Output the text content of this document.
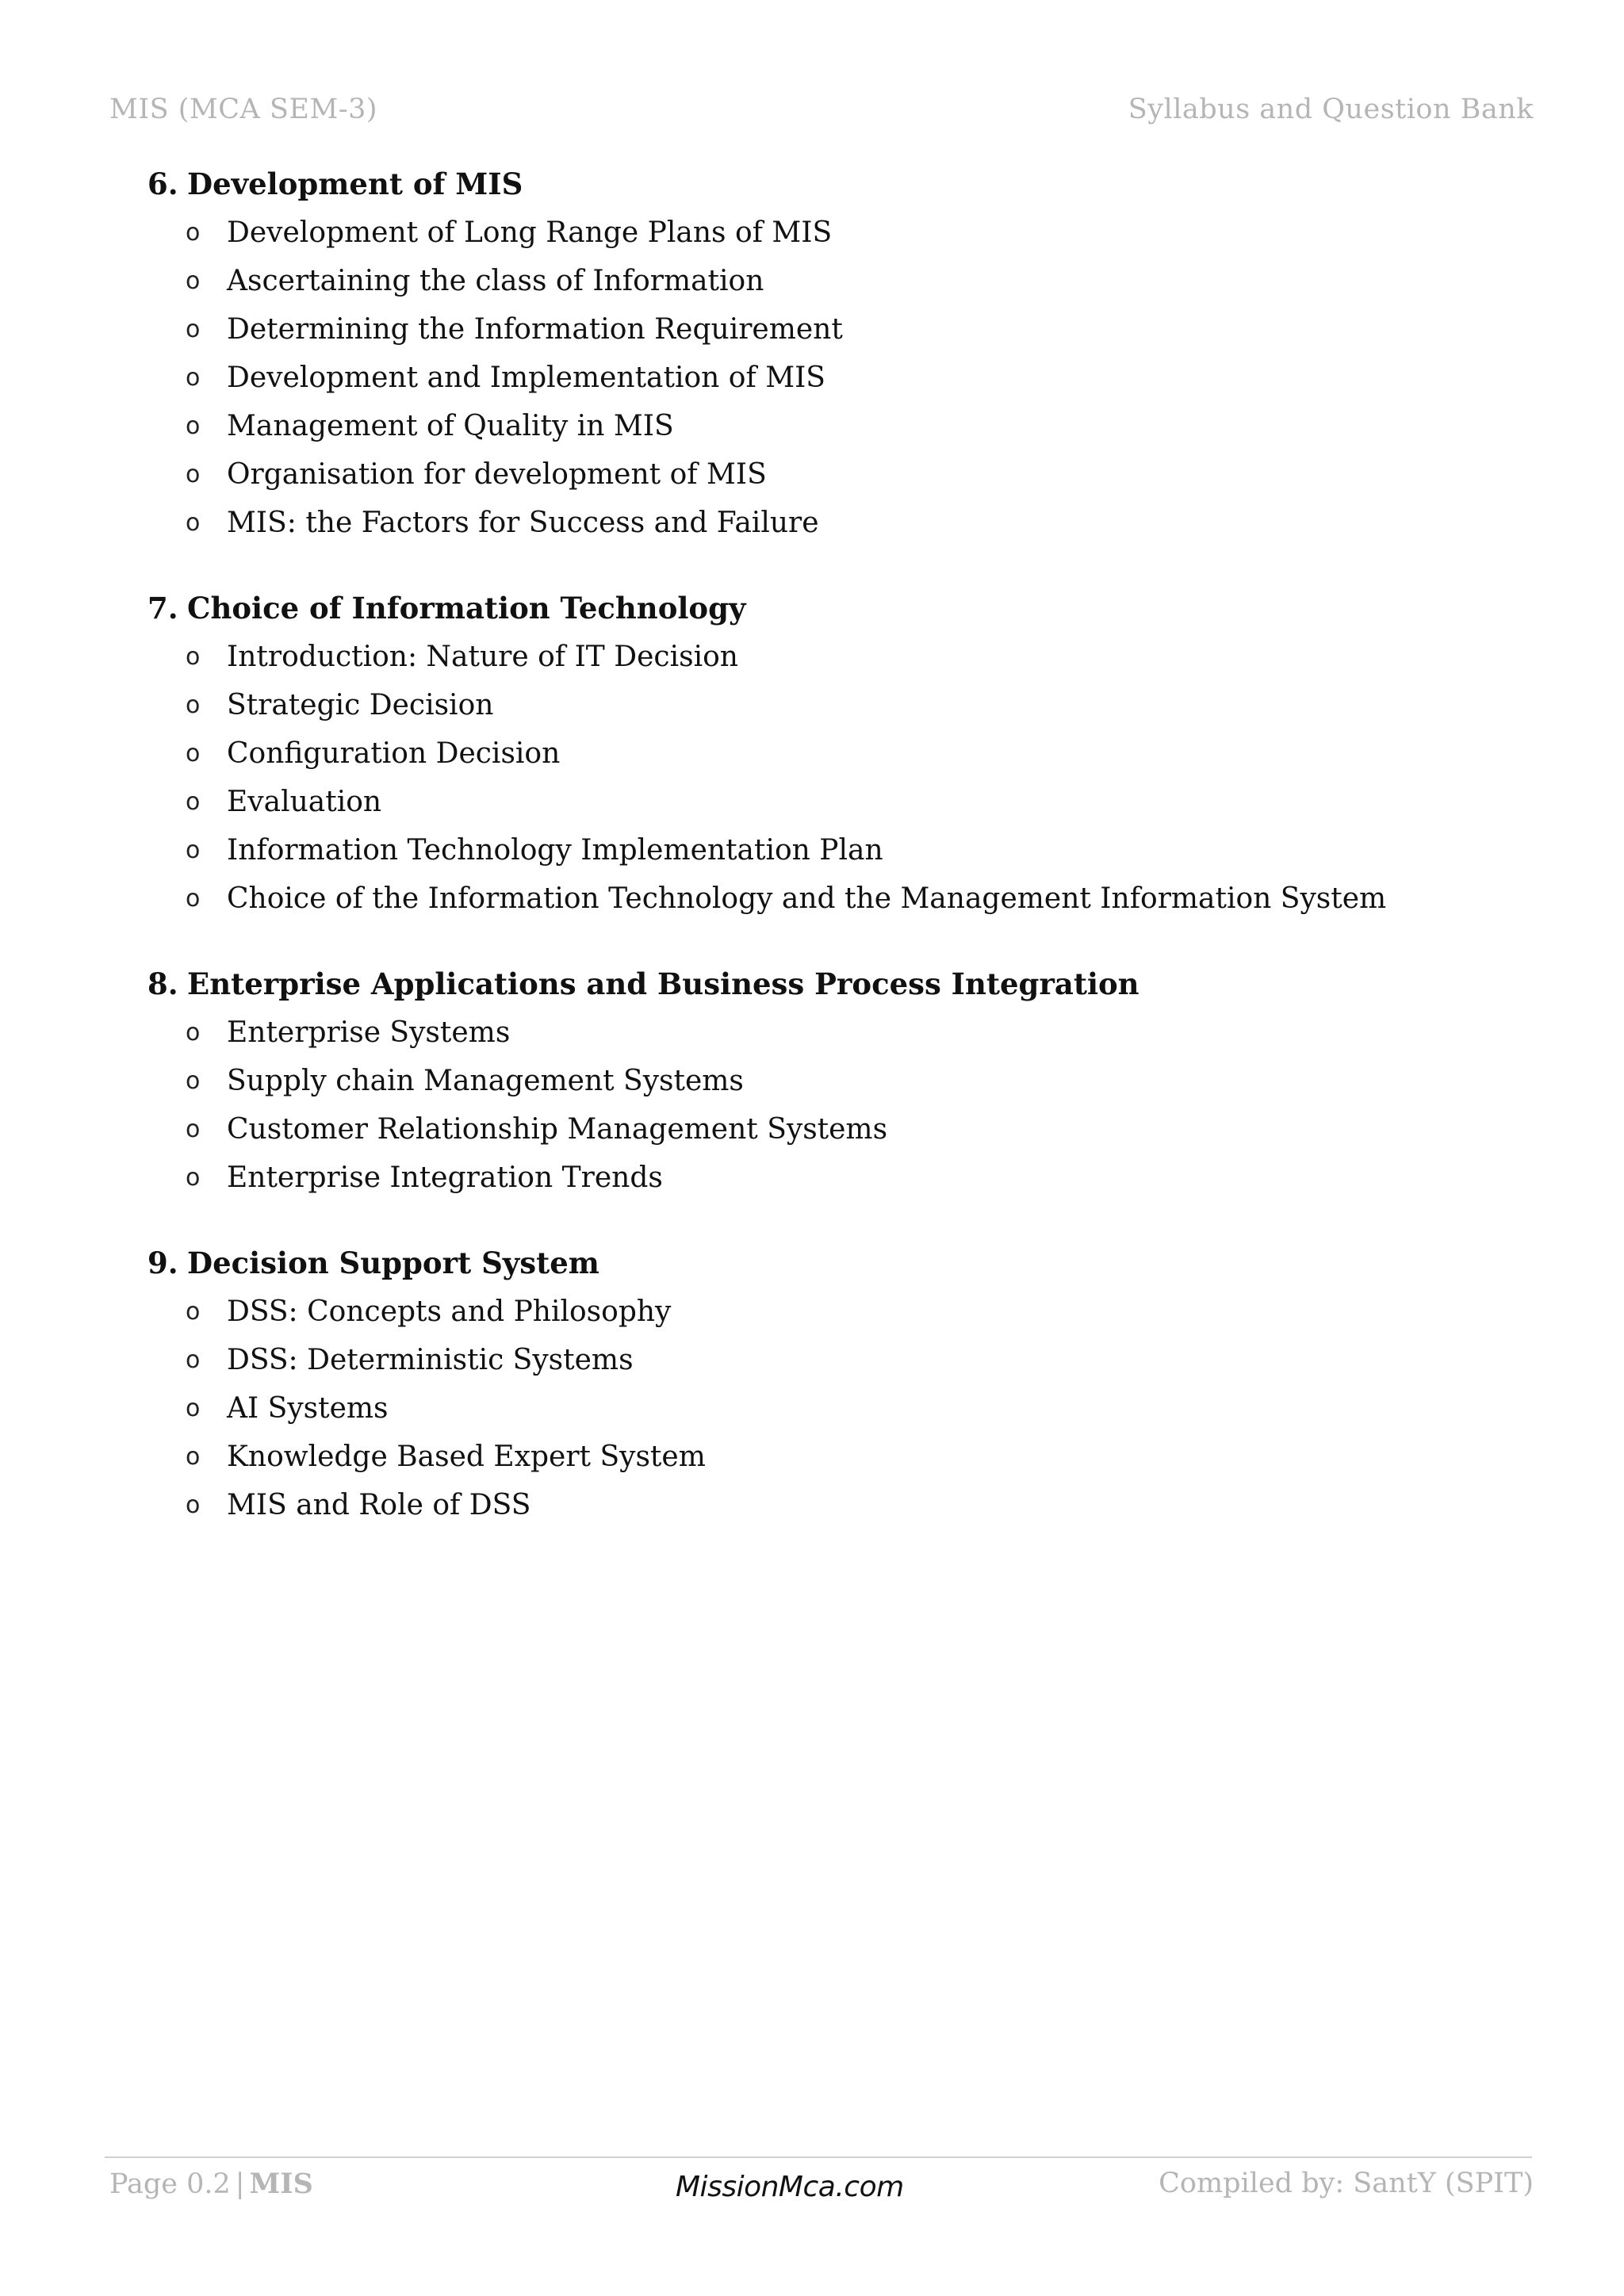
MIS (MCA SEM-3)	Syllabus and Question Bank
6. Development of MIS
o Development of Long Range Plans of MIS
o Ascertaining the class of Information
o Determining the Information Requirement
o Development and Implementation of MIS
o Management of Quality in MIS
o Organisation for development of MIS
o MIS: the Factors for Success and Failure
7. Choice of Information Technology
o Introduction: Nature of IT Decision
o Strategic Decision
o Configuration Decision
o Evaluation
o Information Technology Implementation Plan
o Choice of the Information Technology and the Management Information System
8. Enterprise Applications and Business Process Integration
o Enterprise Systems
o Supply chain Management Systems
o Customer Relationship Management Systems
o Enterprise Integration Trends
9. Decision Support System
o DSS: Concepts and Philosophy
o DSS: Deterministic Systems
o AI Systems
o Knowledge Based Expert System
o MIS and Role of DSS
Page 0.2 | MIS	MissionMca.com	Compiled by: SantY (SPIT)
